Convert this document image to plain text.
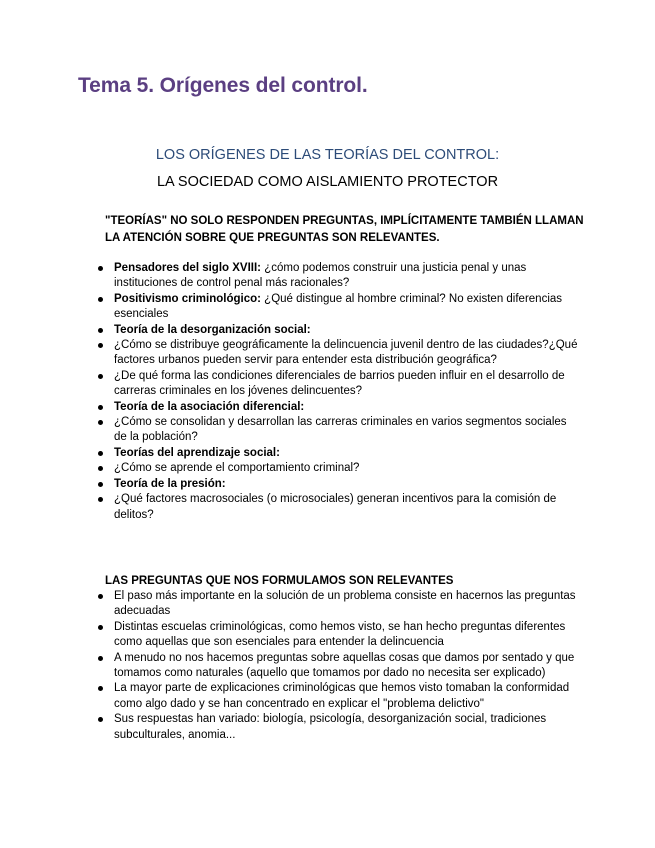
Tema 5. Orígenes del control.
LOS ORÍGENES DE LAS TEORÍAS DEL CONTROL:
LA SOCIEDAD COMO AISLAMIENTO PROTECTOR

"TEORÍAS" NO SOLO RESPONDEN PREGUNTAS, IMPLÍCITAMENTE TAMBIÉN LLAMAN LA ATENCIÓN SOBRE QUE PREGUNTAS SON RELEVANTES.

Pensadores del siglo XVIII: ¿cómo podemos construir una justicia penal y unas instituciones de control penal más racionales?
Positivismo criminológico: ¿Qué distingue al hombre criminal? No existen diferencias esenciales
Teoría de la desorganización social:
¿Cómo se distribuye geográficamente la delincuencia juvenil dentro de las ciudades?¿Qué factores urbanos pueden servir para entender esta distribución geográfica?
¿De qué forma las condiciones diferenciales de barrios pueden influir en el desarrollo de carreras criminales en los jóvenes delincuentes?
Teoría de la asociación diferencial:
¿Cómo se consolidan y desarrollan las carreras criminales en varios segmentos sociales de la población?
Teorías del aprendizaje social:
¿Cómo se aprende el comportamiento criminal?
Teoría de la presión:
¿Qué factores macrosociales (o microsociales) generan incentivos para la comisión de delitos?
LAS PREGUNTAS QUE NOS FORMULAMOS SON RELEVANTES
El paso más importante en la solución de un problema consiste en hacernos las preguntas adecuadas
Distintas escuelas criminológicas, como hemos visto, se han hecho preguntas diferentes como aquellas que son esenciales para entender la delincuencia
A menudo no nos hacemos preguntas sobre aquellas cosas que damos por sentado y que tomamos como naturales (aquello que tomamos por dado no necesita ser explicado)
La mayor parte de explicaciones criminológicas que hemos visto tomaban la conformidad como algo dado y se han concentrado en explicar el "problema delictivo"
Sus respuestas han variado: biología, psicología, desorganización social, tradiciones subculturales, anomia...
